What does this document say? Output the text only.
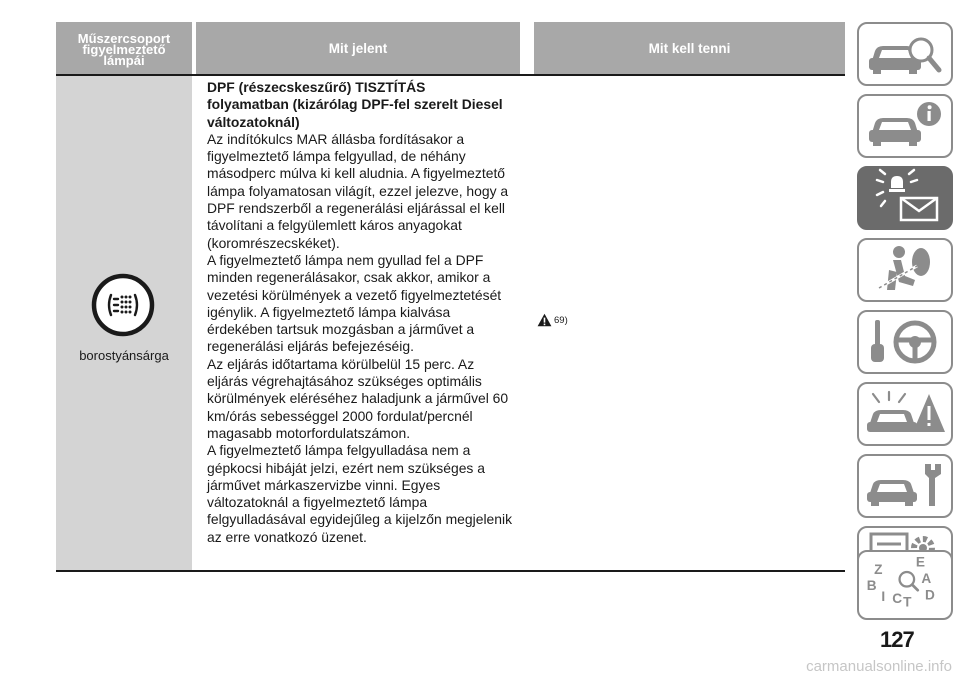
Műszercsoport
figyelmeztető
lámpái
Mit jelent	Mit kell tenni
borostyánsárga
DPF (részecskeszűrő) TISZTÍTÁS
folyamatban (kizárólag DPF-fel szerelt Diesel
változatoknál)
Az indítókulcs MAR állásba fordításakor a
figyelmeztető lámpa felgyullad, de néhány
másodperc múlva ki kell aludnia. A figyelmeztető
lámpa folyamatosan világít, ezzel jelezve, hogy a
DPF rendszerből a regenerálási eljárással el kell
távolítani a felgyülemlett káros anyagokat
(koromrészecskéket).
A figyelmeztető lámpa nem gyullad fel a DPF
minden regenerálásakor, csak akkor, amikor a
vezetési körülmények a vezető figyelmeztetését
igénylik. A figyelmeztető lámpa kialvása
érdekében tartsuk mozgásban a járművet a
regenerálási eljárás befejezéséig.
Az eljárás időtartama körülbelül 15 perc. Az
eljárás végrehajtásához szükséges optimális
körülmények eléréséhez haladjunk a járművel 60
km/órás sebességgel 2000 fordulat/percnél
magasabb motorfordulatszámon.
A figyelmeztető lámpa felgyulladása nem a
gépkocsi hibáját jelzi, ezért nem szükséges a
járművet márkaszervizbe vinni. Egyes
változatoknál a figyelmeztető lámpa
felgyulladásával egyidejűleg a kijelzőn megjelenik
az erre vonatkozó üzenet.
69)
Z E
B	A
I C T D
127
carmanualsonline.info
